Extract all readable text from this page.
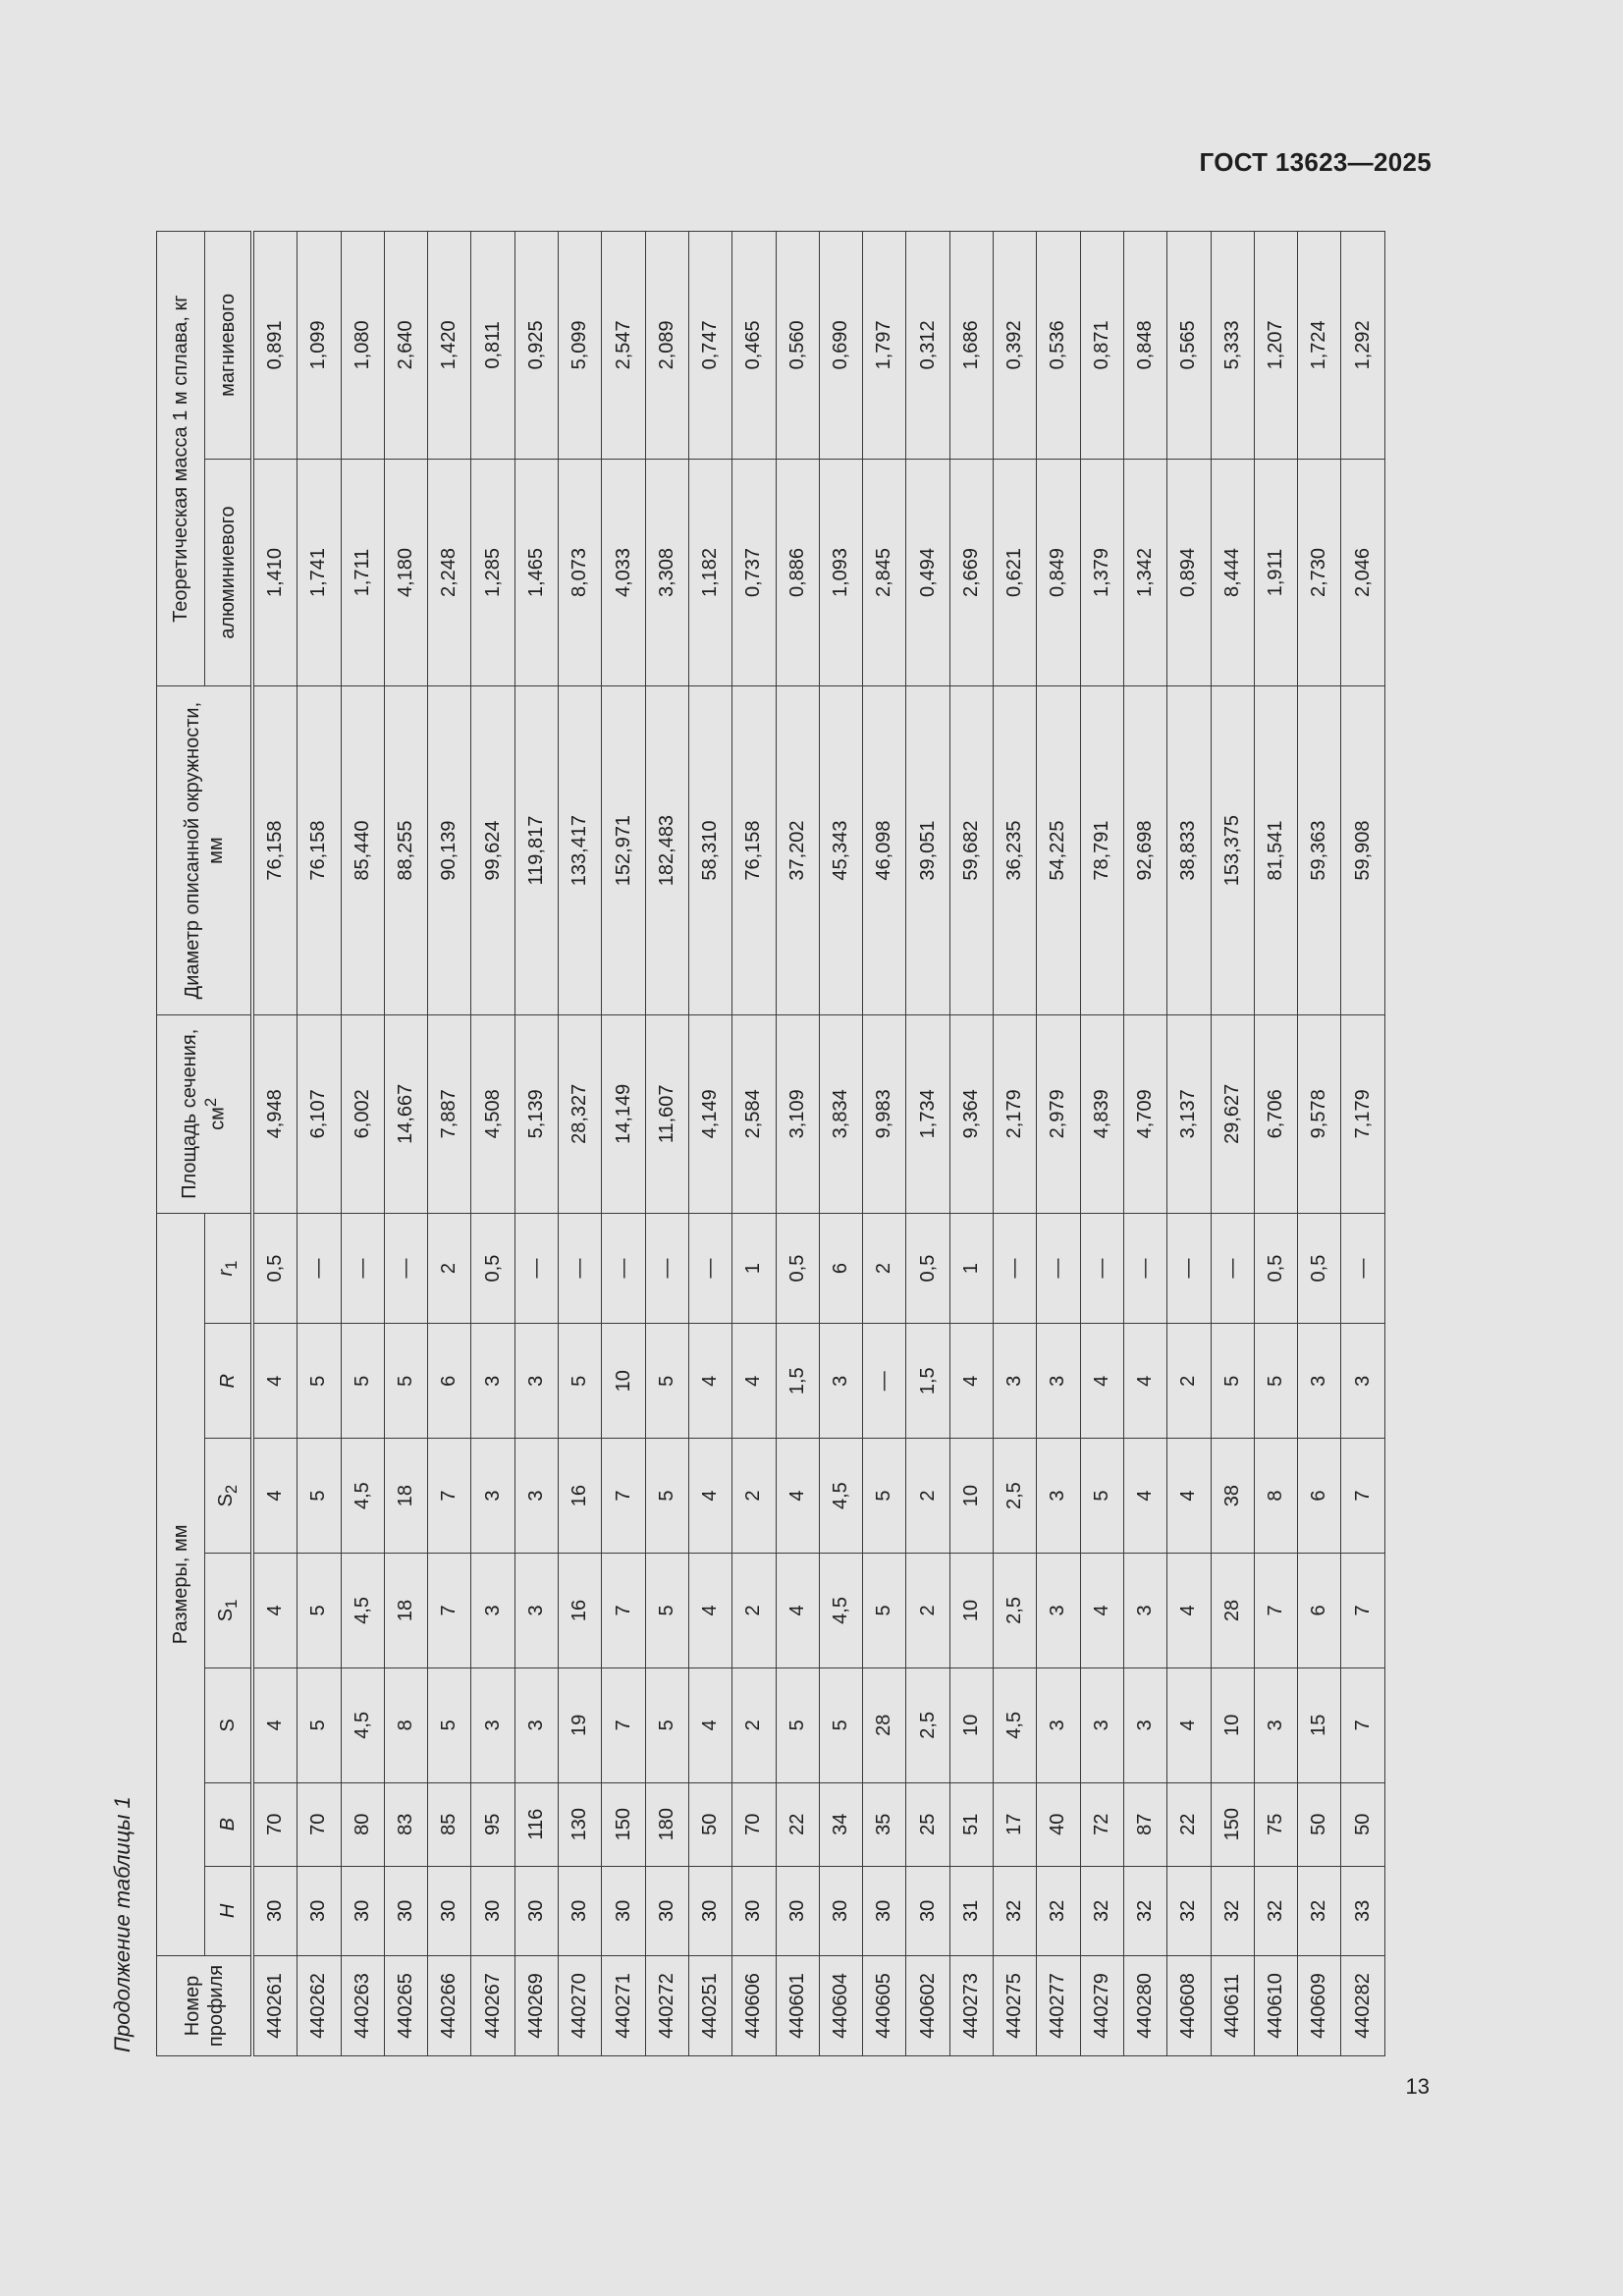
ГОСТ 13623—2025
Продолжение таблицы 1 Номер профиля	Размеры, мм							Площадь сечения, $см^2$	Диаметр описанной окружности, мм	Теоретическая масса 1 м сплава, кг	
	H	B	S	$S_1$	$S_2$	R	$r_1$			алюминиевого	магниевого
440261	30	70	4	4	4	4	0,5	4,948	76,158	1,410	0,891
440262	30	70	5	5	5	5	—	6,107	76,158	1,741	1,099
440263	30	80	4,5	4,5	4,5	5	—	6,002	85,440	1,711	1,080
440265	30	83	8	18	18	5	—	14,667	88,255	4,180	2,640
440266	30	85	5	7	7	6	2	7,887	90,139	2,248	1,420
440267	30	95	3	3	3	3	0,5	4,508	99,624	1,285	0,811
440269	30	116	3	3	3	3	—	5,139	119,817	1,465	0,925
440270	30	130	19	16	16	5	—	28,327	133,417	8,073	5,099
440271	30	150	7	7	7	10	—	14,149	152,971	4,033	2,547
440272	30	180	5	5	5	5	—	11,607	182,483	3,308	2,089
440251	30	50	4	4	4	4	—	4,149	58,310	1,182	0,747
440606	30	70	2	2	2	4	1	2,584	76,158	0,737	0,465
440601	30	22	5	4	4	1,5	0,5	3,109	37,202	0,886	0,560
440604	30	34	5	4,5	4,5	3	6	3,834	45,343	1,093	0,690
440605	30	35	28	5	5	—	2	9,983	46,098	2,845	1,797
440602	30	25	2,5	2	2	1,5	0,5	1,734	39,051	0,494	0,312
440273	31	51	10	10	10	4	1	9,364	59,682	2,669	1,686
440275	32	17	4,5	2,5	2,5	3	—	2,179	36,235	0,621	0,392
440277	32	40	3	3	3	3	—	2,979	54,225	0,849	0,536
440279	32	72	3	4	5	4	—	4,839	78,791	1,379	0,871
440280	32	87	3	3	4	4	—	4,709	92,698	1,342	0,848
440608	32	22	4	4	4	2	—	3,137	38,833	0,894	0,565
440611	32	150	10	28	38	5	—	29,627	153,375	8,444	5,333
440610	32	75	3	7	8	5	0,5	6,706	81,541	1,911	1,207
440609	32	50	15	6	6	3	0,5	9,578	59,363	2,730	1,724
440282	33	50	7	7	7	3	—	7,179	59,908	2,046	1,292
13
